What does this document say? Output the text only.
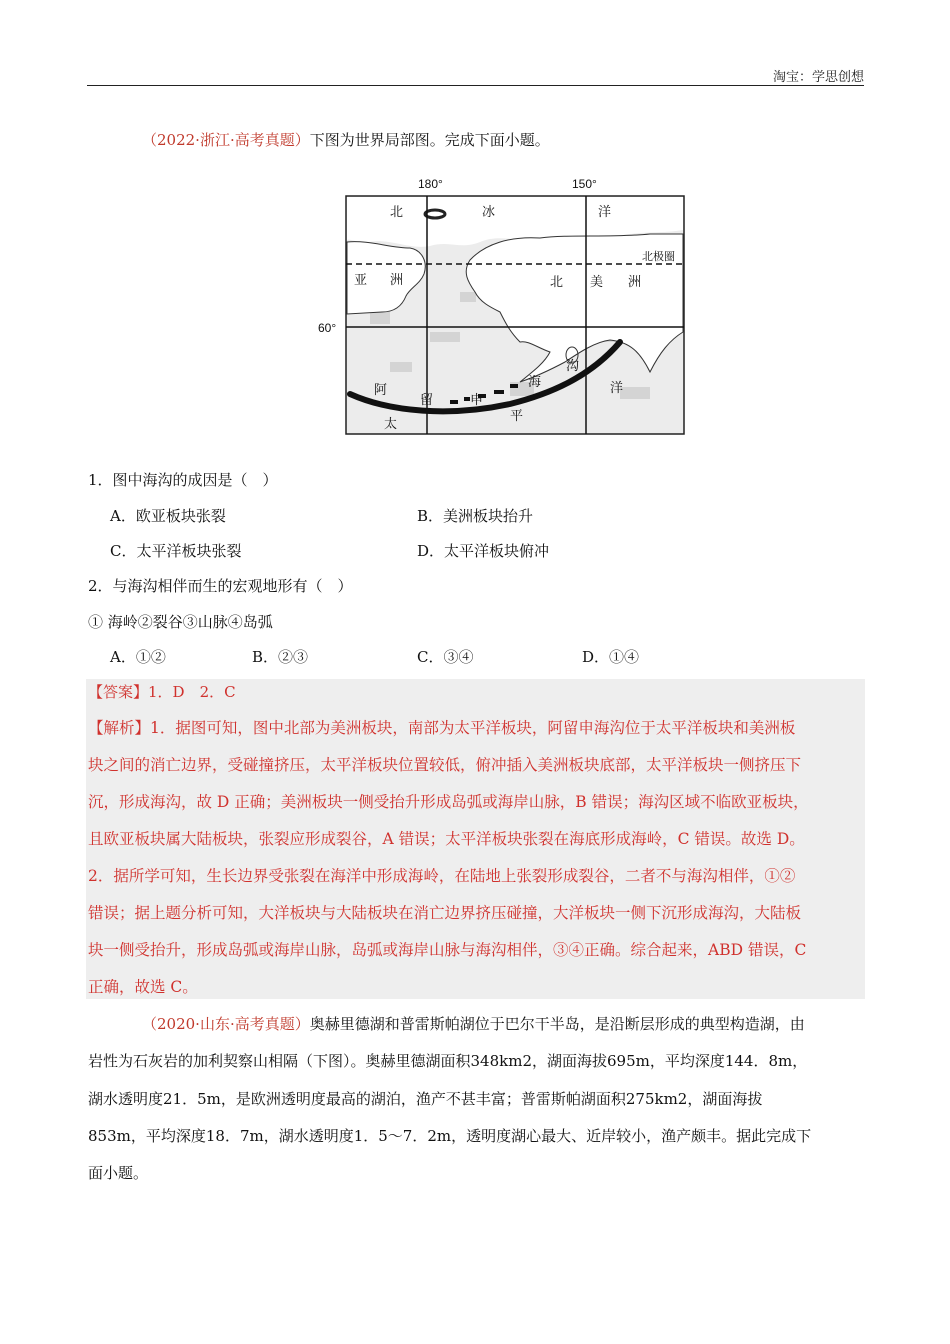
淘宝：学思创想
（2022·浙江·高考真题）下图为世界局部图。完成下面小题。
180°	150°
60°
北极圈
北	冰	洋
亚 洲	北 美 洲
阿
留	申
海
沟
太
平
洋
1．图中海沟的成因是（　）
A．欧亚板块张裂	B．美洲板块抬升
C．太平洋板块张裂	D．太平洋板块俯冲
2．与海沟相伴而生的宏观地形有（　）
① 海岭②裂谷③山脉④岛弧
A．①②	B．②③	C．③④	D．①④
【答案】1．D　2．C
【解析】1．据图可知，图中北部为美洲板块，南部为太平洋板块，阿留申海沟位于太平洋板块和美洲板
块之间的消亡边界，受碰撞挤压，太平洋板块位置较低，俯冲插入美洲板块底部，太平洋板块一侧挤压下
沉，形成海沟，故 D 正确；美洲板块一侧受抬升形成岛弧或海岸山脉，B 错误；海沟区域不临欧亚板块，
且欧亚板块属大陆板块，张裂应形成裂谷，A 错误；太平洋板块张裂在海底形成海岭，C 错误。故选 D。
2．据所学可知，生长边界受张裂在海洋中形成海岭，在陆地上张裂形成裂谷，二者不与海沟相伴，①②
错误；据上题分析可知，大洋板块与大陆板块在消亡边界挤压碰撞，大洋板块一侧下沉形成海沟，大陆板
块一侧受抬升，形成岛弧或海岸山脉，岛弧或海岸山脉与海沟相伴，③④正确。综合起来，ABD 错误，C
正确，故选 C。
（2020·山东·高考真题）奥赫里德湖和普雷斯帕湖位于巴尔干半岛，是沿断层形成的典型构造湖，由
岩性为石灰岩的加利契察山相隔（下图）。奥赫里德湖面积348km2，湖面海拔695m，平均深度144．8m，
湖水透明度21．5m，是欧洲透明度最高的湖泊，渔产不甚丰富；普雷斯帕湖面积275km2，湖面海拔
853m，平均深度18．7m，湖水透明度1．5～7．2m，透明度湖心最大、近岸较小，渔产颇丰。据此完成下
面小题。
